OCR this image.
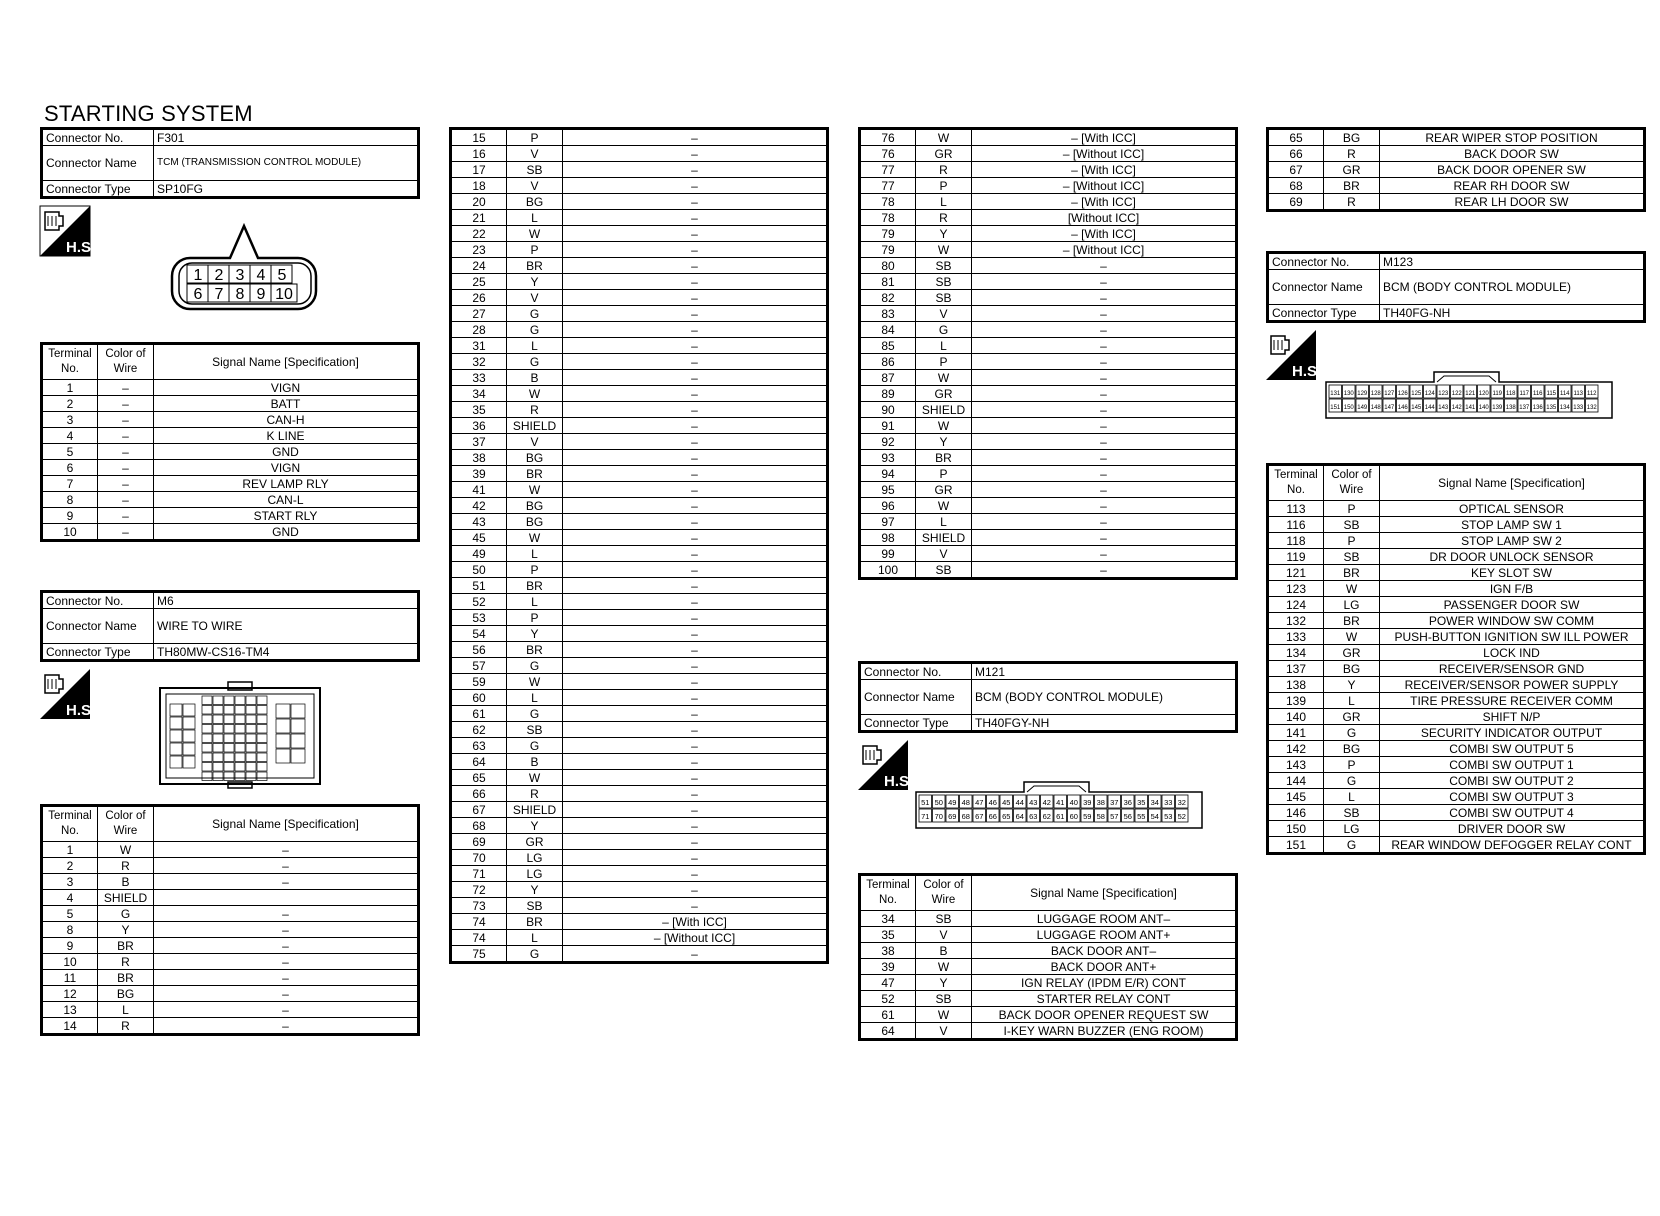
STARTING SYSTEM
Connector No.	F301
Connector Name	TCM (TRANSMISSION CONTROL MODULE)
Connector Type	SP10FG
H.S.
1 2 3 4 5
6 7 8 9 10
Terminal No.	Color of Wire	Signal Name [Specification]
1	–	VIGN
2	–	BATT
3	–	CAN-H
4	–	K LINE
5	–	GND
6	–	VIGN
7	–	REV LAMP RLY
8	–	CAN-L
9	–	START RLY
10	–	GND
Connector No.	M6
Connector Name	WIRE TO WIRE
Connector Type	TH80MW-CS16-TM4
H.S.
Terminal No.	Color of Wire	Signal Name [Specification]
1	W	–
2	R	–
3	B	–
4	SHIELD	
5	G	–
8	Y	–
9	BR	–
10	R	–
11	BR	–
12	BG	–
13	L	–
14	R	–
15	P	–
16	V	–
17	SB	–
18	V	–
20	BG	–
21	L	–
22	W	–
23	P	–
24	BR	–
25	Y	–
26	V	–
27	G	–
28	G	–
31	L	–
32	G	–
33	B	–
34	W	–
35	R	–
36	SHIELD	–
37	V	–
38	BG	–
39	BR	–
41	W	–
42	BG	–
43	BG	–
45	W	–
49	L	–
50	P	–
51	BR	–
52	L	–
53	P	–
54	Y	–
56	BR	–
57	G	–
59	W	–
60	L	–
61	G	–
62	SB	–
63	G	–
64	B	–
65	W	–
66	R	–
67	SHIELD	–
68	Y	–
69	GR	–
70	LG	–
71	LG	–
72	Y	–
73	SB	–
74	BR	– [With ICC]
74	L	– [Without ICC]
75	G	–
76	W	– [With ICC]
76	GR	– [Without ICC]
77	R	– [With ICC]
77	P	– [Without ICC]
78	L	– [With ICC]
78	R	[Without ICC]
79	Y	– [With ICC]
79	W	– [Without ICC]
80	SB	–
81	SB	–
82	SB	–
83	V	–
84	G	–
85	L	–
86	P	–
87	W	–
89	GR	–
90	SHIELD	–
91	W	–
92	Y	–
93	BR	–
94	P	–
95	GR	–
96	W	–
97	L	–
98	SHIELD	–
99	V	–
100	SB	–
Connector No.	M121
Connector Name	BCM (BODY CONTROL MODULE)
Connector Type	TH40FGY-NH
H.S.
51 50 49 48 47 46 45 44 43 42 41 40 39 38 37 36 35 34 33 32
71 70 69 68 67 66 65 64 63 62 61 60 59 58 57 56 55 54 53 52
Terminal No.	Color of Wire	Signal Name [Specification]
34	SB	LUGGAGE ROOM ANT–
35	V	LUGGAGE ROOM ANT+
38	B	BACK DOOR ANT–
39	W	BACK DOOR ANT+
47	Y	IGN RELAY (IPDM E/R) CONT
52	SB	STARTER RELAY CONT
61	W	BACK DOOR OPENER REQUEST SW
64	V	I-KEY WARN BUZZER (ENG ROOM)
65	BG	REAR WIPER STOP POSITION
66	R	BACK DOOR SW
67	GR	BACK DOOR OPENER SW
68	BR	REAR RH DOOR SW
69	R	REAR LH DOOR SW
Connector No.	M123
Connector Name	BCM (BODY CONTROL MODULE)
Connector Type	TH40FG-NH
H.S.
131 130 129 128 127 126 125 124 123 122 121 120 119 118 117 116 115 114 113 112
151 150 149 148 147 146 145 144 143 142 141 140 139 138 137 136 135 134 133 132
Terminal No.	Color of Wire	Signal Name [Specification]
113	P	OPTICAL SENSOR
116	SB	STOP LAMP SW 1
118	P	STOP LAMP SW 2
119	SB	DR DOOR UNLOCK SENSOR
121	BR	KEY SLOT SW
123	W	IGN F/B
124	LG	PASSENGER DOOR SW
132	BR	POWER WINDOW SW COMM
133	W	PUSH-BUTTON IGNITION SW ILL POWER
134	GR	LOCK IND
137	BG	RECEIVER/SENSOR GND
138	Y	RECEIVER/SENSOR POWER SUPPLY
139	L	TIRE PRESSURE RECEIVER COMM
140	GR	SHIFT N/P
141	G	SECURITY INDICATOR OUTPUT
142	BG	COMBI SW OUTPUT 5
143	P	COMBI SW OUTPUT 1
144	G	COMBI SW OUTPUT 2
145	L	COMBI SW OUTPUT 3
146	SB	COMBI SW OUTPUT 4
150	LG	DRIVER DOOR SW
151	G	REAR WINDOW DEFOGGER RELAY CONT
